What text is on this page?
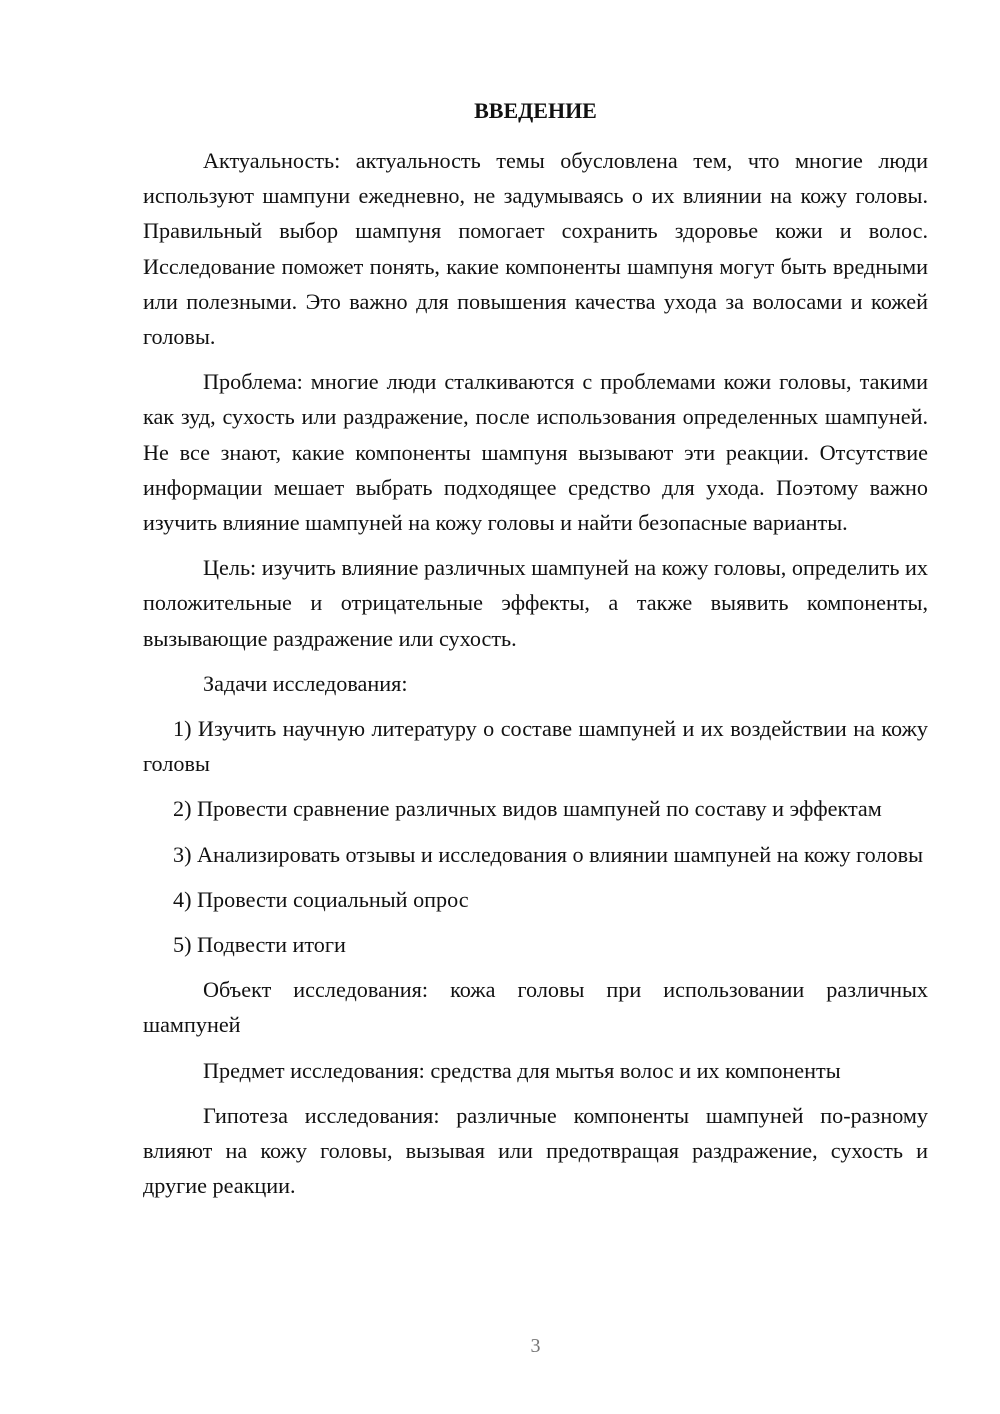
ВВЕДЕНИЕ

Актуальность: актуальность темы обусловлена тем, что многие люди используют шампуни ежедневно, не задумываясь о их влиянии на кожу головы. Правильный выбор шампуня помогает сохранить здоровье кожи и волос. Исследование поможет понять, какие компоненты шампуня могут быть вредными или полезными. Это важно для повышения качества ухода за волосами и кожей головы.

Проблема: многие люди сталкиваются с проблемами кожи головы, такими как зуд, сухость или раздражение, после использования определенных шампуней. Не все знают, какие компоненты шампуня вызывают эти реакции. Отсутствие информации мешает выбрать подходящее средство для ухода. Поэтому важно изучить влияние шампуней на кожу головы и найти безопасные варианты.

Цель: изучить влияние различных шампуней на кожу головы, определить их положительные и отрицательные эффекты, а также выявить компоненты, вызывающие раздражение или сухость.

Задачи исследования:

1) Изучить научную литературу о составе шампуней и их воздействии на кожу головы

2) Провести сравнение различных видов шампуней по составу и эффектам

3) Анализировать отзывы и исследования о влиянии шампуней на кожу головы

4) Провести социальный опрос

5) Подвести итоги

Объект исследования: кожа головы при использовании различных шампуней

Предмет исследования: средства для мытья волос и их компоненты

Гипотеза исследования: различные компоненты шампуней по-разному влияют на кожу головы, вызывая или предотвращая раздражение, сухость и другие реакции.

3
